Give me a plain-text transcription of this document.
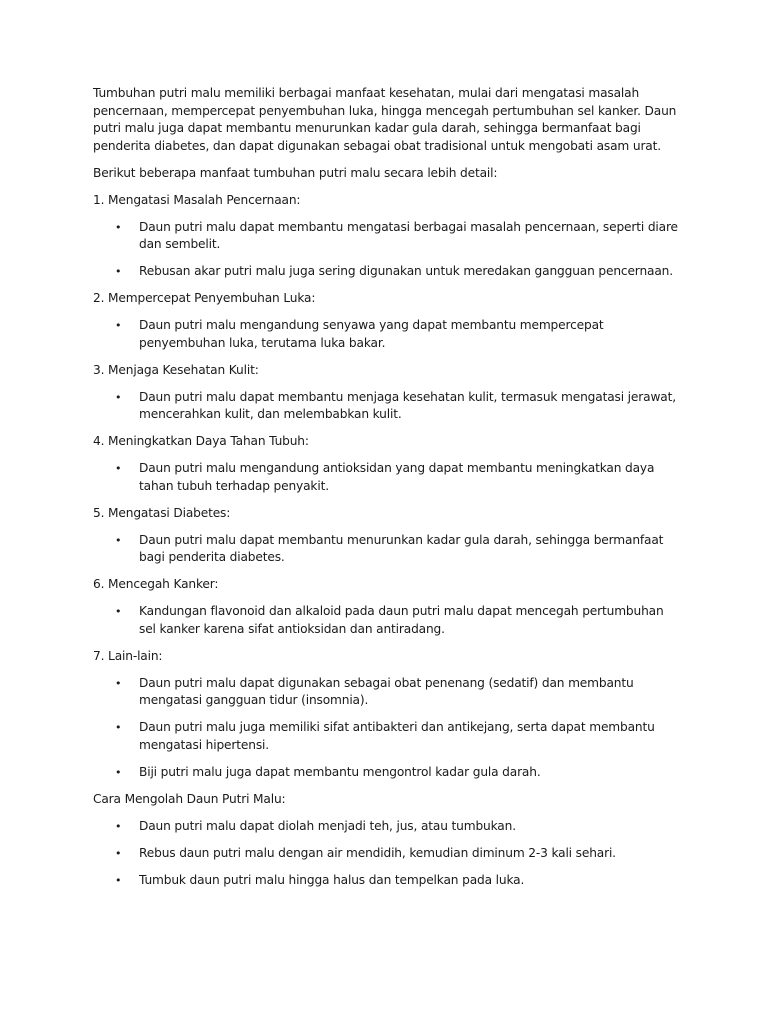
Tumbuhan putri malu memiliki berbagai manfaat kesehatan, mulai dari mengatasi masalah pencernaan, mempercepat penyembuhan luka, hingga mencegah pertumbuhan sel kanker. Daun putri malu juga dapat membantu menurunkan kadar gula darah, sehingga bermanfaat bagi penderita diabetes, dan dapat digunakan sebagai obat tradisional untuk mengobati asam urat.

Berikut beberapa manfaat tumbuhan putri malu secara lebih detail:

1. Mengatasi Masalah Pencernaan:

• Daun putri malu dapat membantu mengatasi berbagai masalah pencernaan, seperti diare dan sembelit.
• Rebusan akar putri malu juga sering digunakan untuk meredakan gangguan pencernaan.

2. Mempercepat Penyembuhan Luka:

• Daun putri malu mengandung senyawa yang dapat membantu mempercepat penyembuhan luka, terutama luka bakar.

3. Menjaga Kesehatan Kulit:

• Daun putri malu dapat membantu menjaga kesehatan kulit, termasuk mengatasi jerawat, mencerahkan kulit, dan melembabkan kulit.

4. Meningkatkan Daya Tahan Tubuh:

• Daun putri malu mengandung antioksidan yang dapat membantu meningkatkan daya tahan tubuh terhadap penyakit.

5. Mengatasi Diabetes:

• Daun putri malu dapat membantu menurunkan kadar gula darah, sehingga bermanfaat bagi penderita diabetes.

6. Mencegah Kanker:

• Kandungan flavonoid dan alkaloid pada daun putri malu dapat mencegah pertumbuhan sel kanker karena sifat antioksidan dan antiradang.

7. Lain-lain:

• Daun putri malu dapat digunakan sebagai obat penenang (sedatif) dan membantu mengatasi gangguan tidur (insomnia).
• Daun putri malu juga memiliki sifat antibakteri dan antikejang, serta dapat membantu mengatasi hipertensi.
• Biji putri malu juga dapat membantu mengontrol kadar gula darah.

Cara Mengolah Daun Putri Malu:

• Daun putri malu dapat diolah menjadi teh, jus, atau tumbukan.
• Rebus daun putri malu dengan air mendidih, kemudian diminum 2-3 kali sehari.
• Tumbuk daun putri malu hingga halus dan tempelkan pada luka.
